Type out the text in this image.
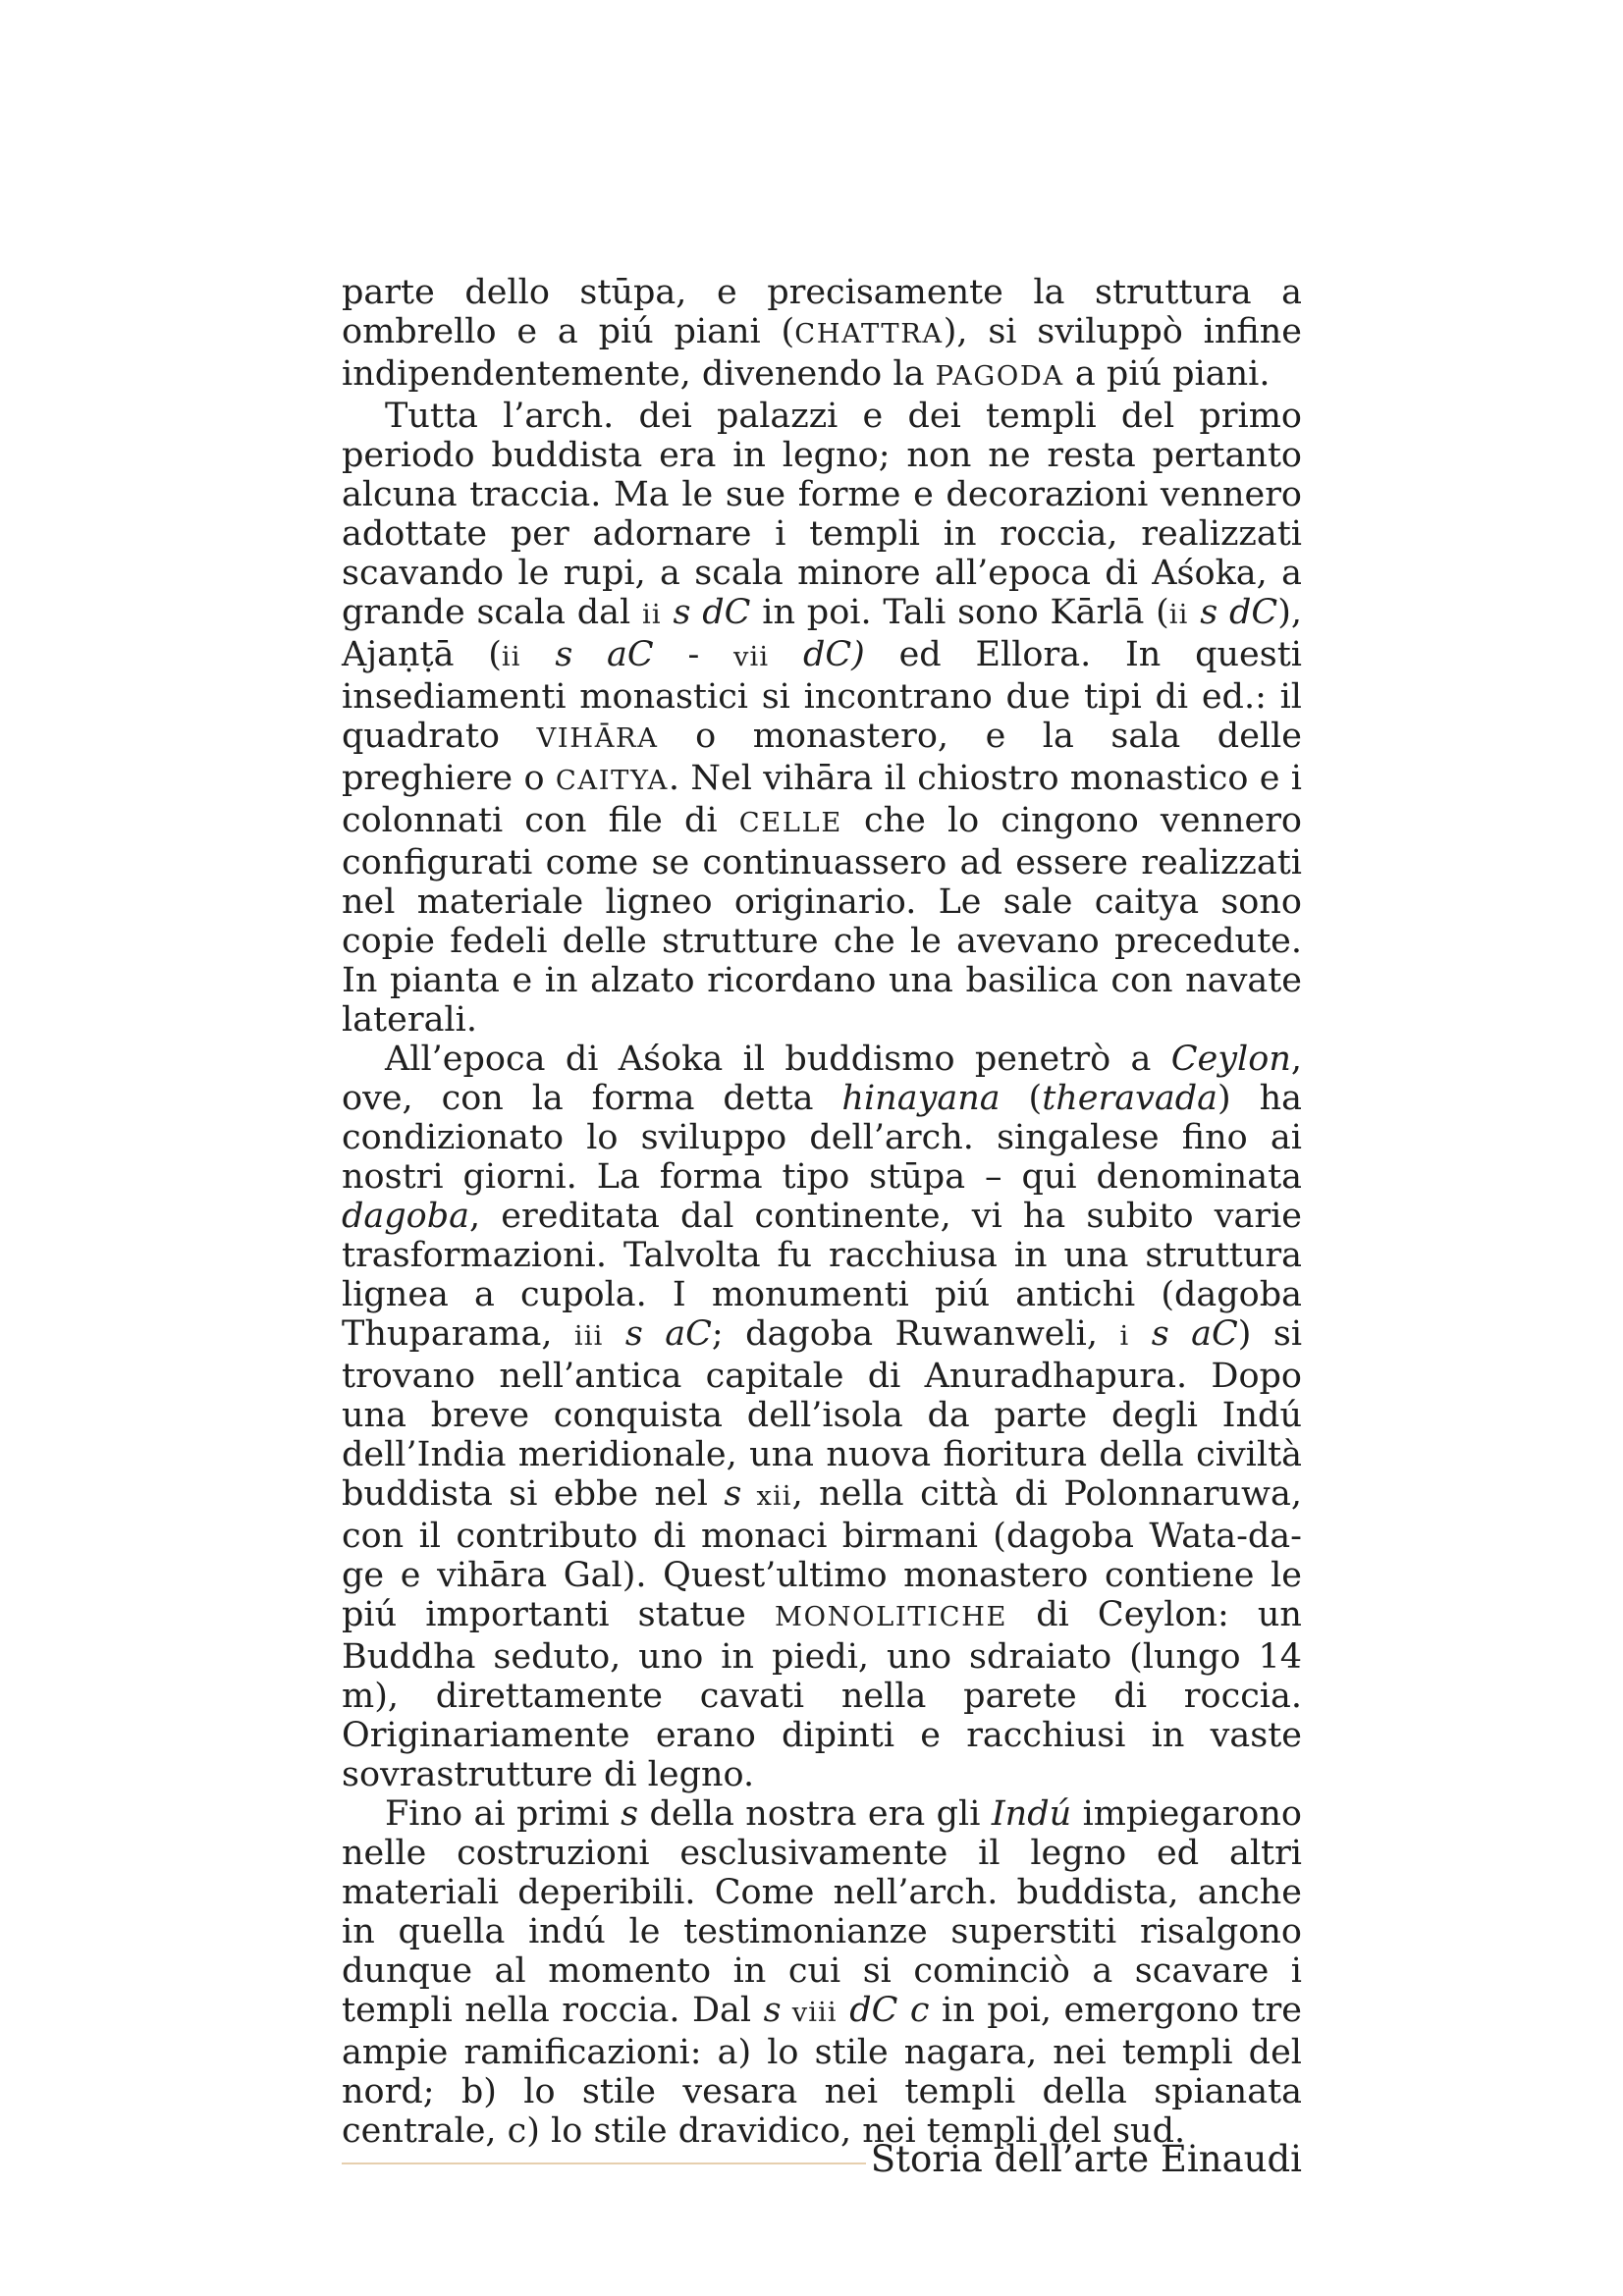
parte dello stūpa, e precisamente la struttura a ombrello e a piú piani (CHATTRA), si sviluppò infine indipendentemente, divenendo la PAGODA a piú piani.

Tutta l’arch. dei palazzi e dei templi del primo periodo buddista era in legno; non ne resta pertanto alcuna traccia. Ma le sue forme e decorazioni vennero adottate per adornare i templi in roccia, realizzati scavando le rupi, a scala minore all’epoca di Aśoka, a grande scala dal ii s dC in poi. Tali sono Kārlā (ii s dC), Ajaṇṭā (ii s aC - vii dC) ed Ellora. In questi insediamenti monastici si incontrano due tipi di ed.: il quadrato VIHĀRA o monastero, e la sala delle preghiere o CAITYA. Nel vihāra il chiostro monastico e i colonnati con file di CELLE che lo cingono vennero configurati come se continuassero ad essere realizzati nel materiale ligneo originario. Le sale caitya sono copie fedeli delle strutture che le avevano precedute. In pianta e in alzato ricordano una basilica con navate laterali.

All’epoca di Aśoka il buddismo penetrò a Ceylon, ove, con la forma detta hinayana (theravada) ha condizionato lo sviluppo dell’arch. singalese fino ai nostri giorni. La forma tipo stūpa – qui denominata dagoba, ereditata dal continente, vi ha subito varie trasformazioni. Talvolta fu racchiusa in una struttura lignea a cupola. I monumenti piú antichi (dagoba Thuparama, iii s aC; dagoba Ruwanweli, i s aC) si trovano nell’antica capitale di Anuradhapura. Dopo una breve conquista dell’isola da parte degli Indú dell’India meridionale, una nuova fioritura della civiltà buddista si ebbe nel s xii, nella città di Polonnaruwa, con il contributo di monaci birmani (dagoba Wata-da-ge e vihāra Gal). Quest’ultimo monastero contiene le piú importanti statue MONOLITICHE di Ceylon: un Buddha seduto, uno in piedi, uno sdraiato (lungo 14 m), direttamente cavati nella parete di roccia. Originariamente erano dipinti e racchiusi in vaste sovrastrutture di legno.

Fino ai primi s della nostra era gli Indú impiegarono nelle costruzioni esclusivamente il legno ed altri materiali deperibili. Come nell’arch. buddista, anche in quella indú le testimonianze superstiti risalgono dunque al momento in cui si cominciò a scavare i templi nella roccia. Dal s viii dC c in poi, emergono tre ampie ramificazioni: a) lo stile nagara, nei templi del nord; b) lo stile vesara nei templi della spianata centrale, c) lo stile dravidico, nei templi del sud.

Storia dell’arte Einaudi
